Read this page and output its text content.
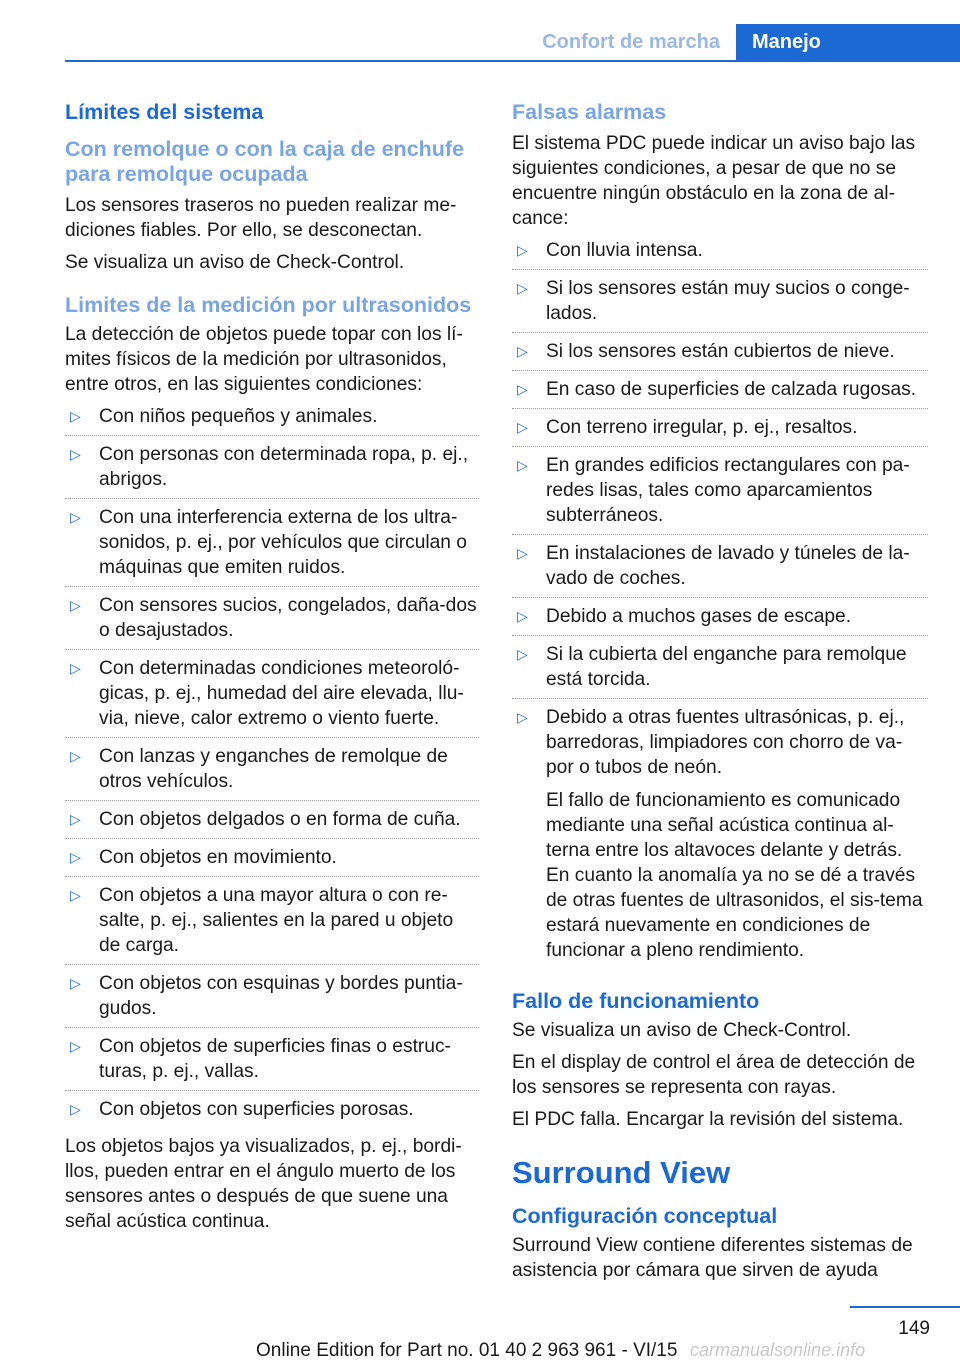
Confort de marcha	Manejo
Límites del sistema
Con remolque o con la caja de enchufe para remolque ocupada

Los sensores traseros no pueden realizar me‐diciones fiables. Por ello, se desconectan.

Se visualiza un aviso de Check-Control.

Limites de la medición por ultrasonidos

La detección de objetos puede topar con los lí‐mites físicos de la medición por ultrasonidos, entre otros, en las siguientes condiciones:

▷ Con niños pequeños y animales.
▷ Con personas con determinada ropa, p. ej., abrigos.
▷ Con una interferencia externa de los ultra‐sonidos, p. ej., por vehículos que circulan o máquinas que emiten ruidos.
▷ Con sensores sucios, congelados, daña‐dos o desajustados.
▷ Con determinadas condiciones meteoroló‐gicas, p. ej., humedad del aire elevada, llu‐via, nieve, calor extremo o viento fuerte.
▷ Con lanzas y enganches de remolque de otros vehículos.
▷ Con objetos delgados o en forma de cuña.
▷ Con objetos en movimiento.
▷ Con objetos a una mayor altura o con re‐salte, p. ej., salientes en la pared u objeto de carga.
▷ Con objetos con esquinas y bordes puntia‐gudos.
▷ Con objetos de superficies finas o estruc‐turas, p. ej., vallas.
▷ Con objetos con superficies porosas.

Los objetos bajos ya visualizados, p. ej., bordi‐llos, pueden entrar en el ángulo muerto de los sensores antes o después de que suene una señal acústica continua.

Falsas alarmas

El sistema PDC puede indicar un aviso bajo las siguientes condiciones, a pesar de que no se encuentre ningún obstáculo en la zona de al‐cance:

▷ Con lluvia intensa.
▷ Si los sensores están muy sucios o conge‐lados.
▷ Si los sensores están cubiertos de nieve.
▷ En caso de superficies de calzada rugosas.
▷ Con terreno irregular, p. ej., resaltos.
▷ En grandes edificios rectangulares con pa‐redes lisas, tales como aparcamientos subterráneos.
▷ En instalaciones de lavado y túneles de la‐vado de coches.
▷ Debido a muchos gases de escape.
▷ Si la cubierta del enganche para remolque está torcida.
▷ Debido a otras fuentes ultrasónicas, p. ej., barredoras, limpiadores con chorro de va‐por o tubos de neón.
El fallo de funcionamiento es comunicado mediante una señal acústica continua al‐terna entre los altavoces delante y detrás. En cuanto la anomalía ya no se dé a través de otras fuentes de ultrasonidos, el sis‐tema estará nuevamente en condiciones de funcionar a pleno rendimiento.
Fallo de funcionamiento

Se visualiza un aviso de Check-Control.

En el display de control el área de detección de los sensores se representa con rayas.

El PDC falla. Encargar la revisión del sistema.

Surround View
Configuración conceptual

Surround View contiene diferentes sistemas de asistencia por cámara que sirven de ayuda

149
Online Edition for Part no. 01 40 2 963 961 - VI/15 carmanualsonline.info
